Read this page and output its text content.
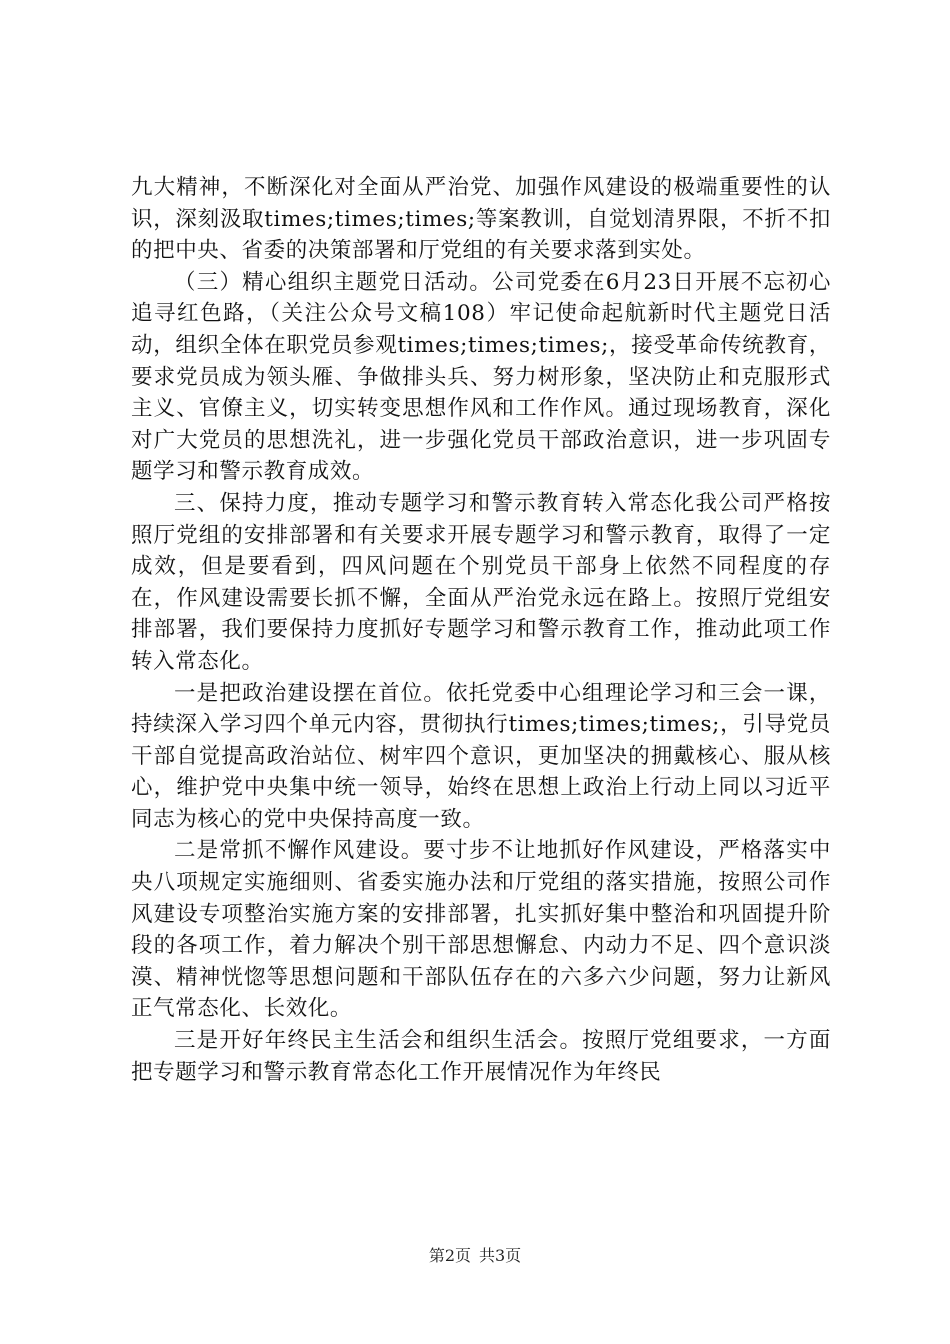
九大精神，不断深化对全面从严治党、加强作风建设的极端重要性的认识，深刻汲取times;times;times;等案教训，自觉划清界限，不折不扣的把中央、省委的决策部署和厅党组的有关要求落到实处。

（三）精心组织主题党日活动。公司党委在6月23日开展不忘初心追寻红色路，（关注公众号文稿108）牢记使命起航新时代主题党日活动，组织全体在职党员参观times;times;times;，接受革命传统教育，要求党员成为领头雁、争做排头兵、努力树形象，坚决防止和克服形式主义、官僚主义，切实转变思想作风和工作作风。通过现场教育，深化对广大党员的思想洗礼，进一步强化党员干部政治意识，进一步巩固专题学习和警示教育成效。

三、保持力度，推动专题学习和警示教育转入常态化我公司严格按照厅党组的安排部署和有关要求开展专题学习和警示教育，取得了一定成效，但是要看到，四风问题在个别党员干部身上依然不同程度的存在，作风建设需要长抓不懈，全面从严治党永远在路上。按照厅党组安排部署，我们要保持力度抓好专题学习和警示教育工作，推动此项工作转入常态化。

一是把政治建设摆在首位。依托党委中心组理论学习和三会一课，持续深入学习四个单元内容，贯彻执行times;times;times;，引导党员干部自觉提高政治站位、树牢四个意识，更加坚决的拥戴核心、服从核心，维护党中央集中统一领导，始终在思想上政治上行动上同以习近平同志为核心的党中央保持高度一致。

二是常抓不懈作风建设。要寸步不让地抓好作风建设，严格落实中央八项规定实施细则、省委实施办法和厅党组的落实措施，按照公司作风建设专项整治实施方案的安排部署，扎实抓好集中整治和巩固提升阶段的各项工作，着力解决个别干部思想懈怠、内动力不足、四个意识淡漠、精神恍惚等思想问题和干部队伍存在的六多六少问题，努力让新风正气常态化、长效化。

三是开好年终民主生活会和组织生活会。按照厅党组要求，一方面把专题学习和警示教育常态化工作开展情况作为年终民

第2页 共3页
